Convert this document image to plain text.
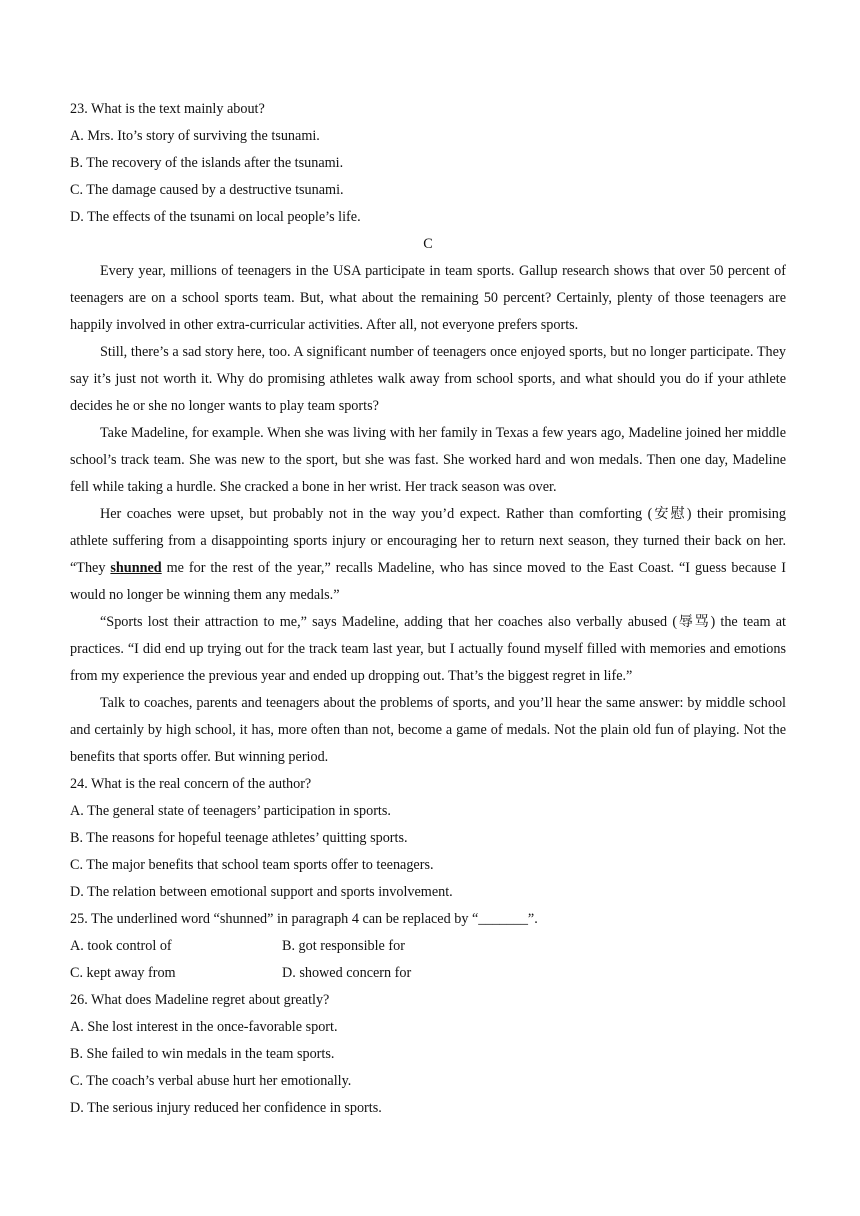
23. What is the text mainly about?
A. Mrs. Ito’s story of surviving the tsunami.
B. The recovery of the islands after the tsunami.
C. The damage caused by a destructive tsunami.
D. The effects of the tsunami on local people’s life.
C

Every year, millions of teenagers in the USA participate in team sports. Gallup research shows that over 50 percent of teenagers are on a school sports team. But, what about the remaining 50 percent? Certainly, plenty of those teenagers are happily involved in other extra-curricular activities. After all, not everyone prefers sports.

Still, there’s a sad story here, too. A significant number of teenagers once enjoyed sports, but no longer participate. They say it’s just not worth it. Why do promising athletes walk away from school sports, and what should you do if your athlete decides he or she no longer wants to play team sports?

Take Madeline, for example. When she was living with her family in Texas a few years ago, Madeline joined her middle school’s track team. She was new to the sport, but she was fast. She worked hard and won medals. Then one day, Madeline fell while taking a hurdle. She cracked a bone in her wrist. Her track season was over.

Her coaches were upset, but probably not in the way you’d expect. Rather than comforting (安慰) their promising athlete suffering from a disappointing sports injury or encouraging her to return next season, they turned their back on her. “They shunned me for the rest of the year,” recalls Madeline, who has since moved to the East Coast. “I guess because I would no longer be winning them any medals.”

“Sports lost their attraction to me,” says Madeline, adding that her coaches also verbally abused (辱骂) the team at practices. “I did end up trying out for the track team last year, but I actually found myself filled with memories and emotions from my experience the previous year and ended up dropping out. That’s the biggest regret in life.”

Talk to coaches, parents and teenagers about the problems of sports, and you’ll hear the same answer: by middle school and certainly by high school, it has, more often than not, become a game of medals. Not the plain old fun of playing. Not the benefits that sports offer. But winning period.

24. What is the real concern of the author?
A. The general state of teenagers’ participation in sports.
B. The reasons for hopeful teenage athletes’ quitting sports.
C. The major benefits that school team sports offer to teenagers.
D. The relation between emotional support and sports involvement.
25. The underlined word “shunned” in paragraph 4 can be replaced by “_______”.
A. took control of	B. got responsible for
C. kept away from	D. showed concern for
26. What does Madeline regret about greatly?
A. She lost interest in the once-favorable sport.
B. She failed to win medals in the team sports.
C. The coach’s verbal abuse hurt her emotionally.
D. The serious injury reduced her confidence in sports.
